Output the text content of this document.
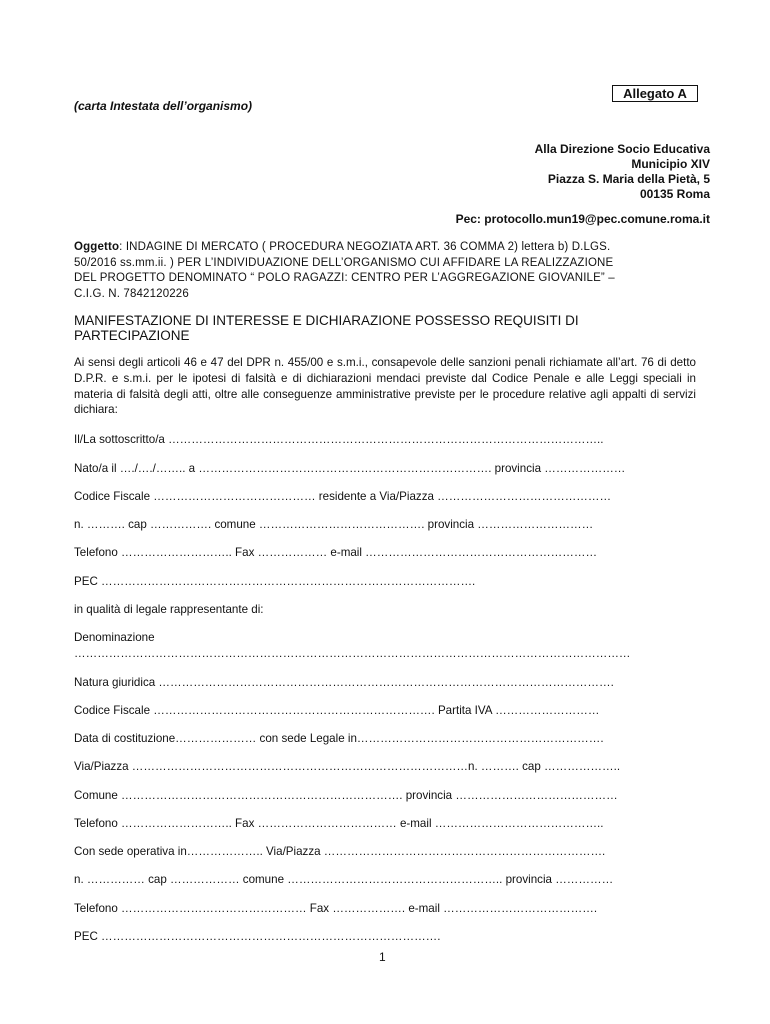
Allegato A
(carta Intestata dell’organismo)
Alla Direzione Socio Educativa
Municipio XIV
Piazza S. Maria della Pietà, 5
00135 Roma
Pec: protocollo.mun19@pec.comune.roma.it
Oggetto: INDAGINE DI MERCATO ( PROCEDURA NEGOZIATA ART. 36 COMMA 2) lettera b) D.LGS.
50/2016 ss.mm.ii. ) PER L’INDIVIDUAZIONE DELL’ORGANISMO CUI AFFIDARE LA REALIZZAZIONE
DEL PROGETTO DENOMINATO “ POLO RAGAZZI: CENTRO PER L’AGGREGAZIONE GIOVANILE” –
C.I.G. N. 7842120226
MANIFESTAZIONE DI INTERESSE E DICHIARAZIONE POSSESSO REQUISITI DI
PARTECIPAZIONE
Ai sensi degli articoli 46 e 47 del DPR n. 455/00 e s.m.i., consapevole delle sanzioni penali richiamate all’art. 76 di detto D.P.R. e s.m.i. per le ipotesi di falsità e di dichiarazioni mendaci previste dal Codice Penale e alle Leggi speciali in materia di falsità degli atti, oltre alle conseguenze amministrative previste per le procedure relative agli appalti di servizi dichiara:
Il/La sottoscritto/a …………………………………………………………………………………………………..
Nato/a il …./…./…….. a …………………………………………………………………. provincia …………………
Codice Fiscale …………………………………… residente a Via/Piazza ………………………………………
n. ………. cap ……………. comune ……………………………………. provincia …………………………
Telefono ……………………….. Fax ……………… e-mail ……………………………………………………
PEC …………………………………………………………………………………….
in qualità di legale rappresentante di:
Denominazione
………………………………………………………………………………………………………………………………
Natura giuridica ……………………………………………………………………………………………………….
Codice Fiscale ………………………………………………………………. Partita IVA ………………………
Data di costituzione………………… con sede Legale in……………………………………………………….
Via/Piazza ……………………………………………………………………………n. ………. cap ………………..
Comune ………………………………………………………………. provincia ……………………………………
Telefono ……………………….. Fax ……………………………… e-mail ……………………………………..
Con sede operativa in……………….. Via/Piazza ……………………………………………………………….
n. …………… cap ……………… comune ……………………………………………….. provincia ……………
Telefono ………………………………………… Fax ………………. e-mail ………………………………….
PEC …………………………………………………………………………….
1
